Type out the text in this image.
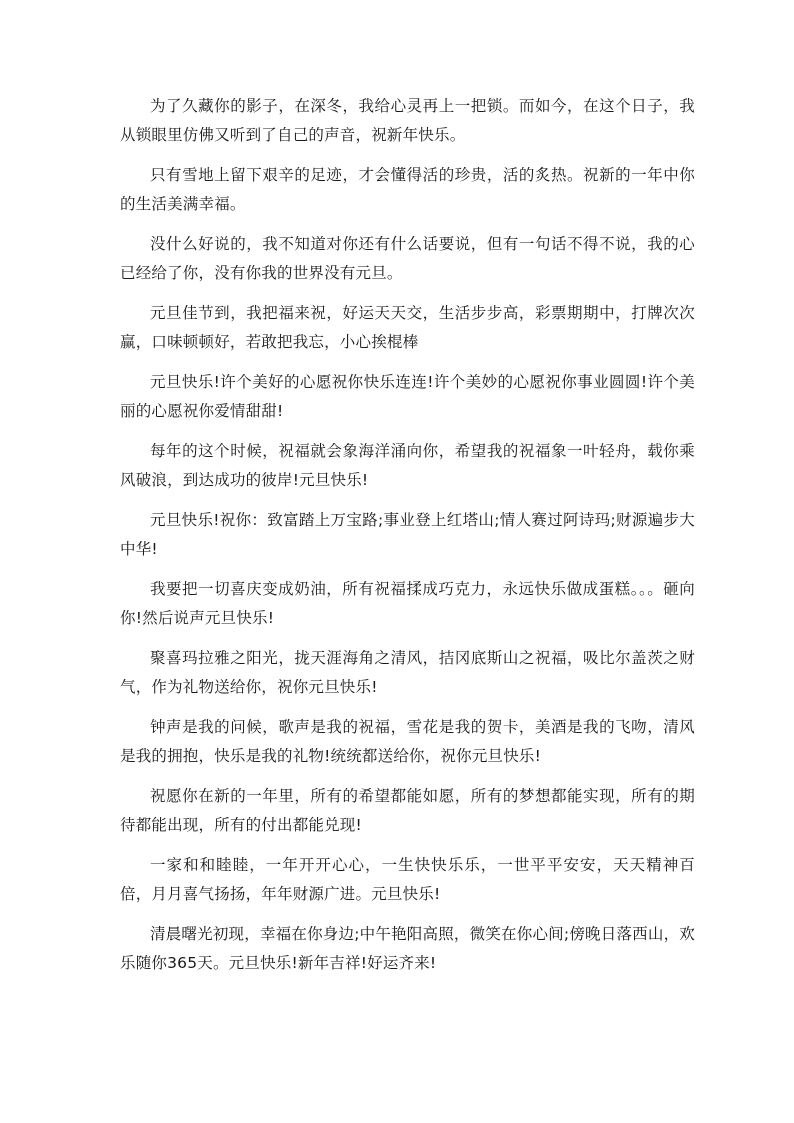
为了久藏你的影子，在深冬，我给心灵再上一把锁。而如今，在这个日子，我从锁眼里仿佛又听到了自己的声音，祝新年快乐。

只有雪地上留下艰辛的足迹，才会懂得活的珍贵，活的炙热。祝新的一年中你的生活美满幸福。

没什么好说的，我不知道对你还有什么话要说，但有一句话不得不说，我的心已经给了你，没有你我的世界没有元旦。

元旦佳节到，我把福来祝，好运天天交，生活步步高，彩票期期中，打牌次次赢，口味顿顿好，若敢把我忘，小心挨棍棒

元旦快乐!许个美好的心愿祝你快乐连连!许个美妙的心愿祝你事业圆圆!许个美丽的心愿祝你爱情甜甜!

每年的这个时候，祝福就会象海洋涌向你，希望我的祝福象一叶轻舟，载你乘风破浪，到达成功的彼岸!元旦快乐!

元旦快乐!祝你：致富踏上万宝路;事业登上红塔山;情人赛过阿诗玛;财源遍步大中华!

我要把一切喜庆变成奶油，所有祝福揉成巧克力，永远快乐做成蛋糕。。。砸向你!然后说声元旦快乐!

聚喜玛拉雅之阳光，拢天涯海角之清风，拮冈底斯山之祝福，吸比尔盖茨之财气，作为礼物送给你，祝你元旦快乐!

钟声是我的问候，歌声是我的祝福，雪花是我的贺卡，美酒是我的飞吻，清风是我的拥抱，快乐是我的礼物!统统都送给你，祝你元旦快乐!

祝愿你在新的一年里，所有的希望都能如愿，所有的梦想都能实现，所有的期待都能出现，所有的付出都能兑现!

一家和和睦睦，一年开开心心，一生快快乐乐，一世平平安安，天天精神百倍，月月喜气扬扬，年年财源广进。元旦快乐!

清晨曙光初现，幸福在你身边;中午艳阳高照，微笑在你心间;傍晚日落西山，欢乐随你365天。元旦快乐!新年吉祥!好运齐来!
